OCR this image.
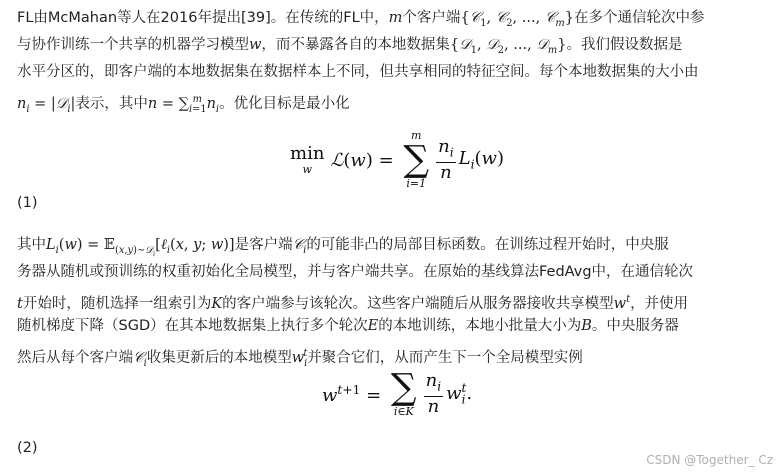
FL由McMahan等人在2016年提出[39]。在传统的FL中，m个客户端{𝒞$_1$, 𝒞$_2$, ..., 𝒞$_m$}在多个通信轮次中参
与协作训练一个共享的机器学习模型w，而不暴露各自的本地数据集{𝒟$_1$, 𝒟$_2$, ..., 𝒟$_m$}。我们假设数据是
水平分区的，即客户端的本地数据集在数据样本上不同，但共享相同的特征空间。每个本地数据集的大小由
$n_i$ = |𝒟$_i$|表示，其中$n = \sum_{i=1}^m$ $n_i$。优化目标是最小化
min
w ℒ(w) =
m
∑
i=1
$\frac{n_i}{n} L_i(w)$
(1)
其中$L_i(w)$ = 𝔼$_{(x,y)\sim 𝒟_i}$[ℓ$_i$(x, y; w)]是客户端𝒞$_i$的可能非凸的局部目标函数。在训练过程开始时，中央服
务器从随机或预训练的权重初始化全局模型，并与客户端共享。在原始的基线算法FedAvg中，在通信轮次
t开始时，随机选择一组索引为K的客户端参与该轮次。这些客户端随后从服务器接收共享模型$w^t$，并使用
随机梯度下降（SGD）在其本地数据集上执行多个轮次E的本地训练，本地小批量大小为B。中央服务器
然后从每个客户端𝒞$_i$收集更新后的本地模型$w_i^t$并聚合它们，从而产生下一个全局模型实例
$w^{t+1}$ = ∑
i∈K $\frac{n_i}{n} w_i^t$.
(2)
CSDN @Together_ Cz
